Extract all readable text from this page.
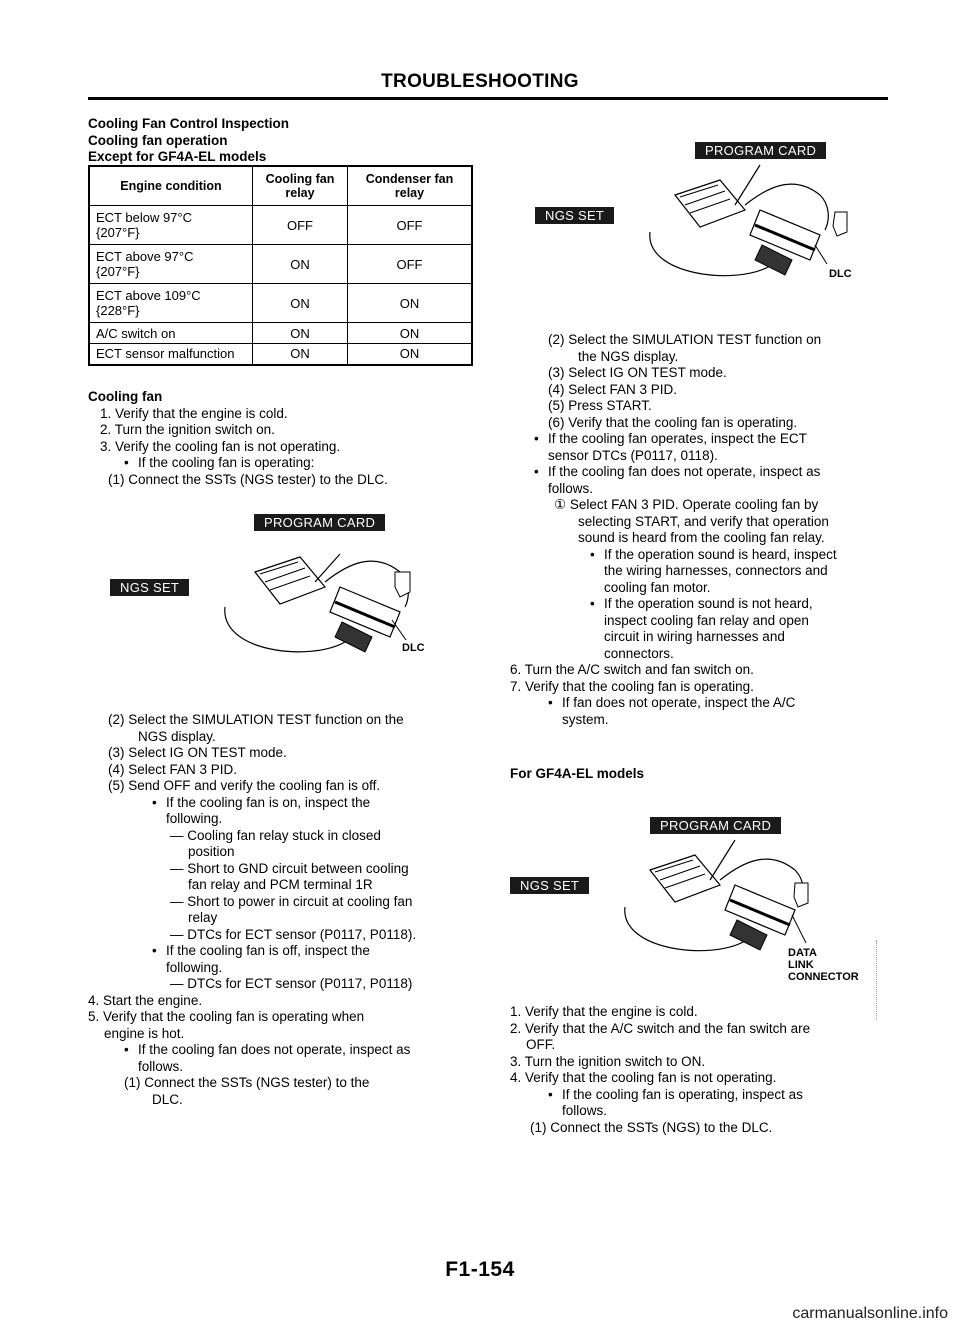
TROUBLESHOOTING
Cooling Fan Control Inspection
Cooling fan operation
Except for GF4A-EL models
Engine condition	Cooling fan relay	Condenser fan relay

ECT below 97°C
{207°F}	OFF	OFF

ECT above 97°C
{207°F}	ON	OFF

ECT above 109°C
{228°F}	ON	ON
A/C switch on	ON	ON
ECT sensor malfunction	ON	ON
Cooling fan
1. Verify that the engine is cold.
2. Turn the ignition switch on.
3. Verify the cooling fan is not operating.
• If the cooling fan is operating:
(1) Connect the SSTs (NGS tester) to the DLC.
PROGRAM CARD
NGS SET
DLC
(2) Select the SIMULATION TEST function on the
NGS display.
(3) Select IG ON TEST mode.
(4) Select FAN 3 PID.
(5) Send OFF and verify the cooling fan is off.
• If the cooling fan is on, inspect the
following.
— Cooling fan relay stuck in closed
position
— Short to GND circuit between cooling
fan relay and PCM terminal 1R
— Short to power in circuit at cooling fan
relay
— DTCs for ECT sensor (P0117, P0118).
• If the cooling fan is off, inspect the
following.
— DTCs for ECT sensor (P0117, P0118)
4. Start the engine.
5. Verify that the cooling fan is operating when
engine is hot.
• If the cooling fan does not operate, inspect as
follows.
(1) Connect the SSTs (NGS tester) to the
DLC.
PROGRAM CARD
NGS SET
DLC
(2) Select the SIMULATION TEST function on
the NGS display.
(3) Select IG ON TEST mode.
(4) Select FAN 3 PID.
(5) Press START.
(6) Verify that the cooling fan is operating.
• If the cooling fan operates, inspect the ECT
sensor DTCs (P0117, 0118).
• If the cooling fan does not operate, inspect as
follows.
① Select FAN 3 PID. Operate cooling fan by
selecting START, and verify that operation
sound is heard from the cooling fan relay.
• If the operation sound is heard, inspect
the wiring harnesses, connectors and
cooling fan motor.
• If the operation sound is not heard,
inspect cooling fan relay and open
circuit in wiring harnesses and
connectors.
6. Turn the A/C switch and fan switch on.
7. Verify that the cooling fan is operating.
• If fan does not operate, inspect the A/C
system.
For GF4A-EL models
PROGRAM CARD
NGS SET
DATA
LINK
CONNECTOR
1. Verify that the engine is cold.
2. Verify that the A/C switch and the fan switch are
OFF.
3. Turn the ignition switch to ON.
4. Verify that the cooling fan is not operating.
• If the cooling fan is operating, inspect as
follows.
(1) Connect the SSTs (NGS) to the DLC.
F1-154
carmanualsonline.info
